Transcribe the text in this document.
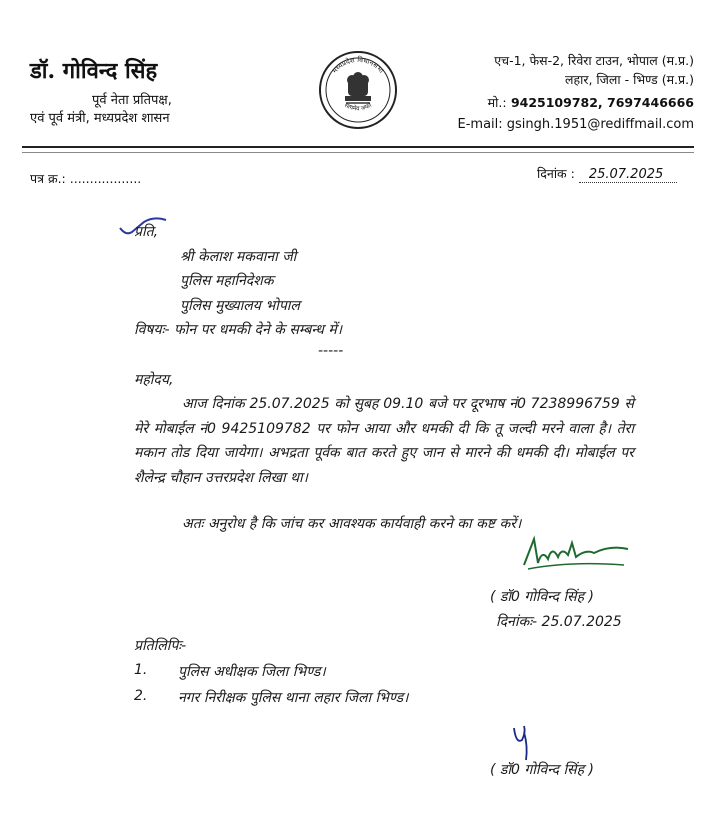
डॉ. गोविन्द सिंह
पूर्व नेता प्रतिपक्ष,
एवं पूर्व मंत्री, मध्यप्रदेश शासन
मध्यप्रदेश विधानसभा
सत्यमेव जयते
एच-1, फेस-2, रिवेरा टाउन, भोपाल (म.प्र.)
लहार, जिला - भिण्ड (म.प्र.)
मो.: 9425109782, 7697446666
E-mail: gsingh.1951@rediffmail.com
पत्र क्र.: ..................	दिनांक : 25.07.2025
प्रति,
श्री केलाश मकवाना जी
पुलिस महानिदेशक
पुलिस मुख्यालय भोपाल
विषयः- फोन पर धमकी देने के सम्बन्ध में।
-----
महोदय,
आज दिनांक 25.07.2025 को सुबह 09.10 बजे पर दूरभाष नं0 7238996759 से मेरे मोबाईल नं0 9425109782 पर फोन आया और धमकी दी कि तू जल्दी मरने वाला है। तेरा मकान तोड दिया जायेगा। अभद्रता पूर्वक बात करते हुए जान से मारने की धमकी दी। मोबाईल पर शैलेन्द्र चौहान उत्तरप्रदेश लिखा था।
अतः अनुरोध है कि जांच कर आवश्यक कार्यवाही करने का कष्ट करें।
( डॉ0 गोविन्द सिंह )
दिनांकः- 25.07.2025
प्रतिलिपिः-
1. पुलिस अधीक्षक जिला भिण्ड।
2. नगर निरीक्षक पुलिस थाना लहार जिला भिण्ड।
( डॉ0 गोविन्द सिंह )
